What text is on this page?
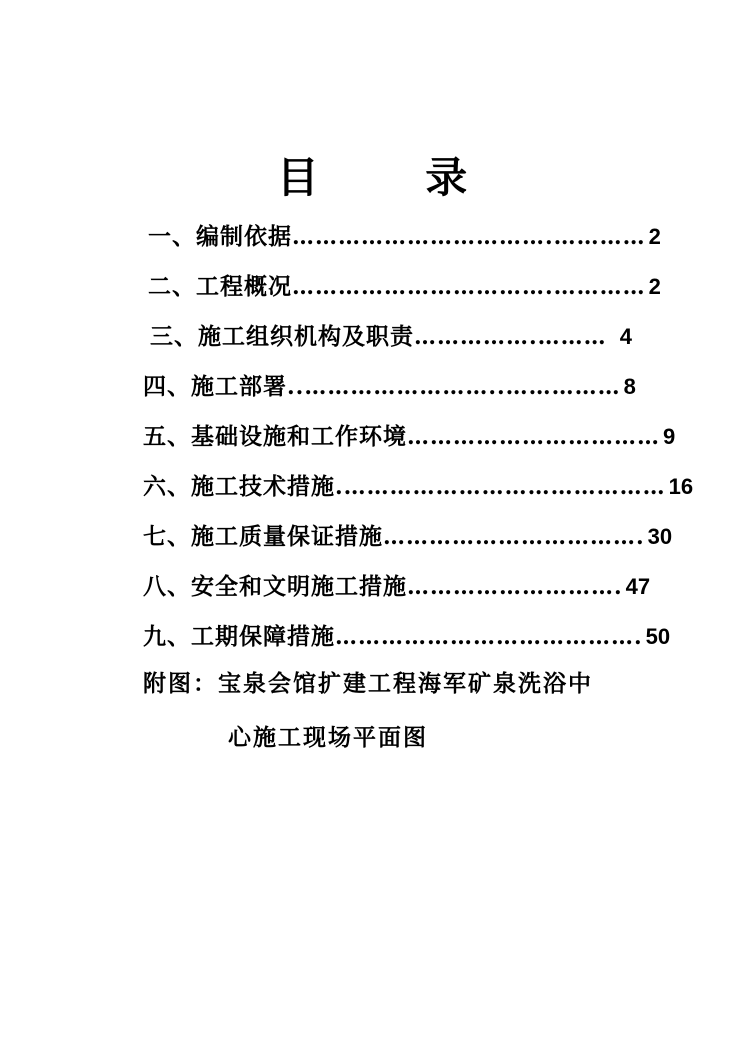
目 录
一、编制依据 …………………………….………… 2
二、工程概况 …………………………….………… 2
三、施工组织机构及职责 …………….……… 4
四、施工部署 ..……………………..…………… 8
五、基础设施和工作环境 …………………………… 9
六、施工技术措施 .…………………………………… 16
七、施工质量保证措施 ……………………………. 30
八、安全和文明施工措施 ………………………. 47
九、工期保障措施 …………………………………. 50
附图：宝泉会馆扩建工程海军矿泉洗浴中
心施工现场平面图
